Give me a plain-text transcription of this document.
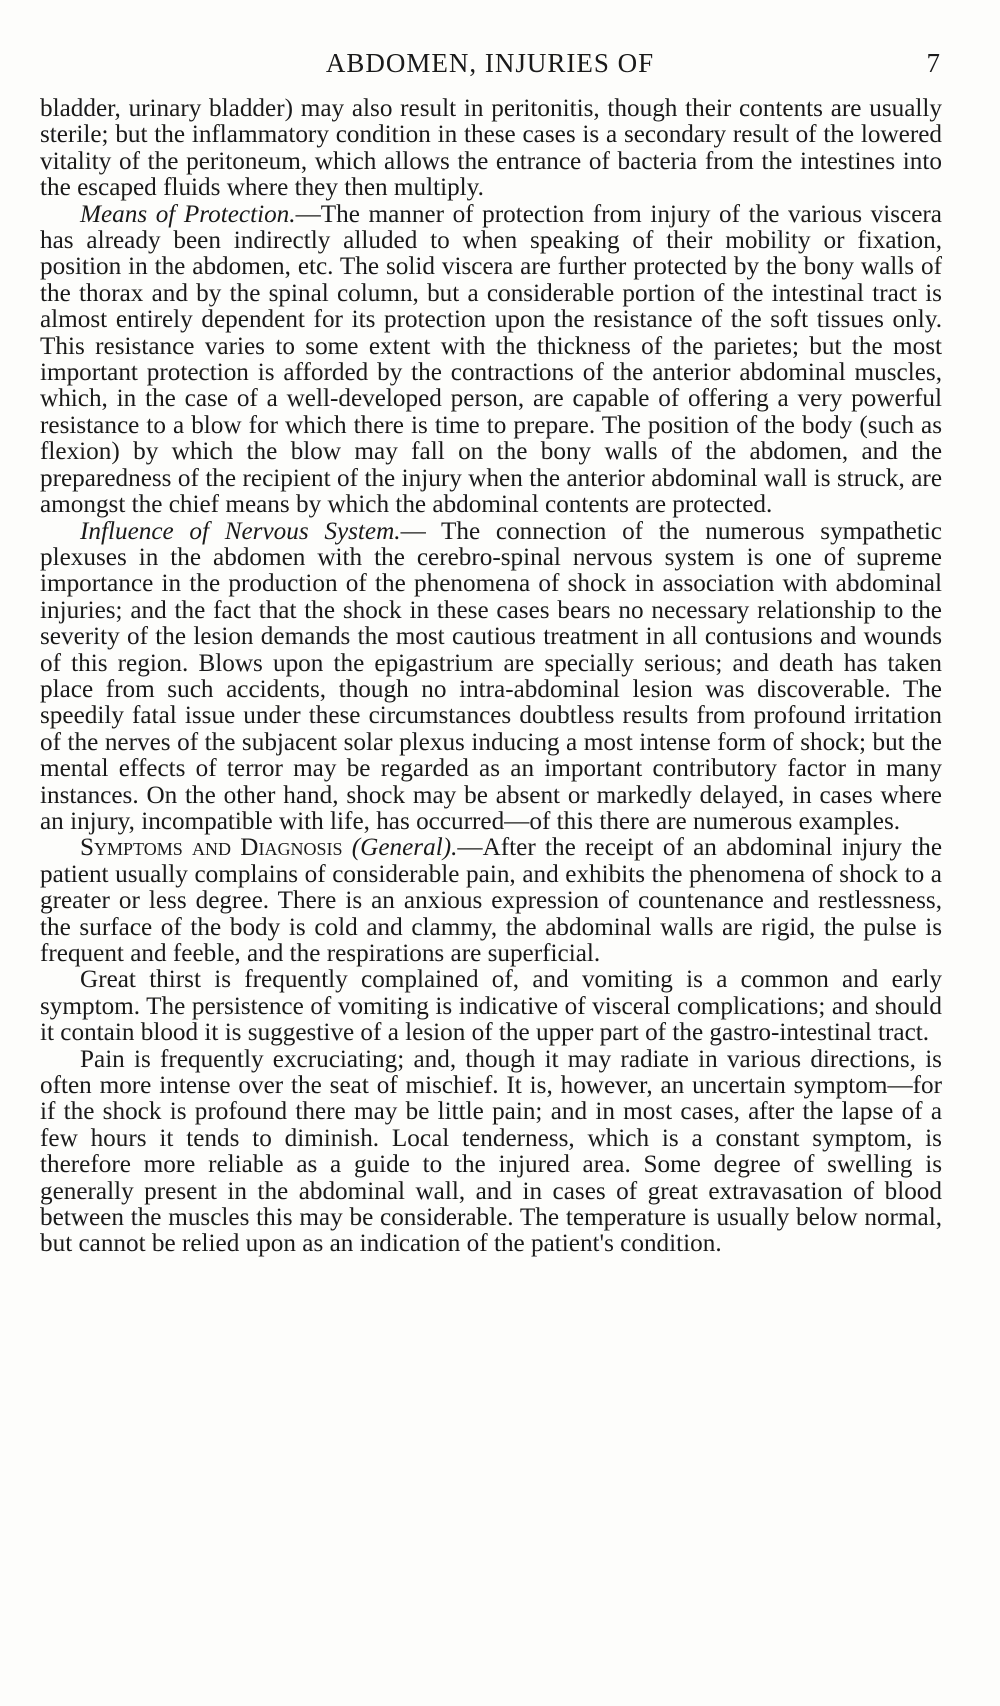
ABDOMEN, INJURIES OF	7

bladder, urinary bladder) may also result in peritonitis, though their contents are usually sterile; but the inflammatory condition in these cases is a secondary result of the lowered vitality of the peritoneum, which allows the entrance of bacteria from the intestines into the escaped fluids where they then multiply.

Means of Protection.—The manner of protection from injury of the various viscera has already been indirectly alluded to when speaking of their mobility or fixation, position in the abdomen, etc. The solid viscera are further protected by the bony walls of the thorax and by the spinal column, but a considerable portion of the intestinal tract is almost entirely dependent for its protection upon the resistance of the soft tissues only. This resistance varies to some extent with the thickness of the parietes; but the most important protection is afforded by the contractions of the anterior abdominal muscles, which, in the case of a well-developed person, are capable of offering a very powerful resistance to a blow for which there is time to prepare. The position of the body (such as flexion) by which the blow may fall on the bony walls of the abdomen, and the preparedness of the recipient of the injury when the anterior abdominal wall is struck, are amongst the chief means by which the abdominal contents are protected.

Influence of Nervous System.— The connection of the numerous sympathetic plexuses in the abdomen with the cerebro-spinal nervous system is one of supreme importance in the production of the phenomena of shock in association with abdominal injuries; and the fact that the shock in these cases bears no necessary relationship to the severity of the lesion demands the most cautious treatment in all contusions and wounds of this region. Blows upon the epigastrium are specially serious; and death has taken place from such accidents, though no intra-abdominal lesion was discoverable. The speedily fatal issue under these circumstances doubtless results from profound irritation of the nerves of the subjacent solar plexus inducing a most intense form of shock; but the mental effects of terror may be regarded as an important contributory factor in many instances. On the other hand, shock may be absent or markedly delayed, in cases where an injury, incompatible with life, has occurred—of this there are numerous examples.

Symptoms and Diagnosis (General).—After the receipt of an abdominal injury the patient usually complains of considerable pain, and exhibits the phenomena of shock to a greater or less degree. There is an anxious expression of countenance and restlessness, the surface of the body is cold and clammy, the abdominal walls are rigid, the pulse is frequent and feeble, and the respirations are superficial.

Great thirst is frequently complained of, and vomiting is a common and early symptom. The persistence of vomiting is indicative of visceral complications; and should it contain blood it is suggestive of a lesion of the upper part of the gastro-intestinal tract.

Pain is frequently excruciating; and, though it may radiate in various directions, is often more intense over the seat of mischief. It is, however, an uncertain symptom—for if the shock is profound there may be little pain; and in most cases, after the lapse of a few hours it tends to diminish. Local tenderness, which is a constant symptom, is therefore more reliable as a guide to the injured area. Some degree of swelling is generally present in the abdominal wall, and in cases of great extravasation of blood between the muscles this may be considerable. The temperature is usually below normal, but cannot be relied upon as an indication of the patient's condition.
